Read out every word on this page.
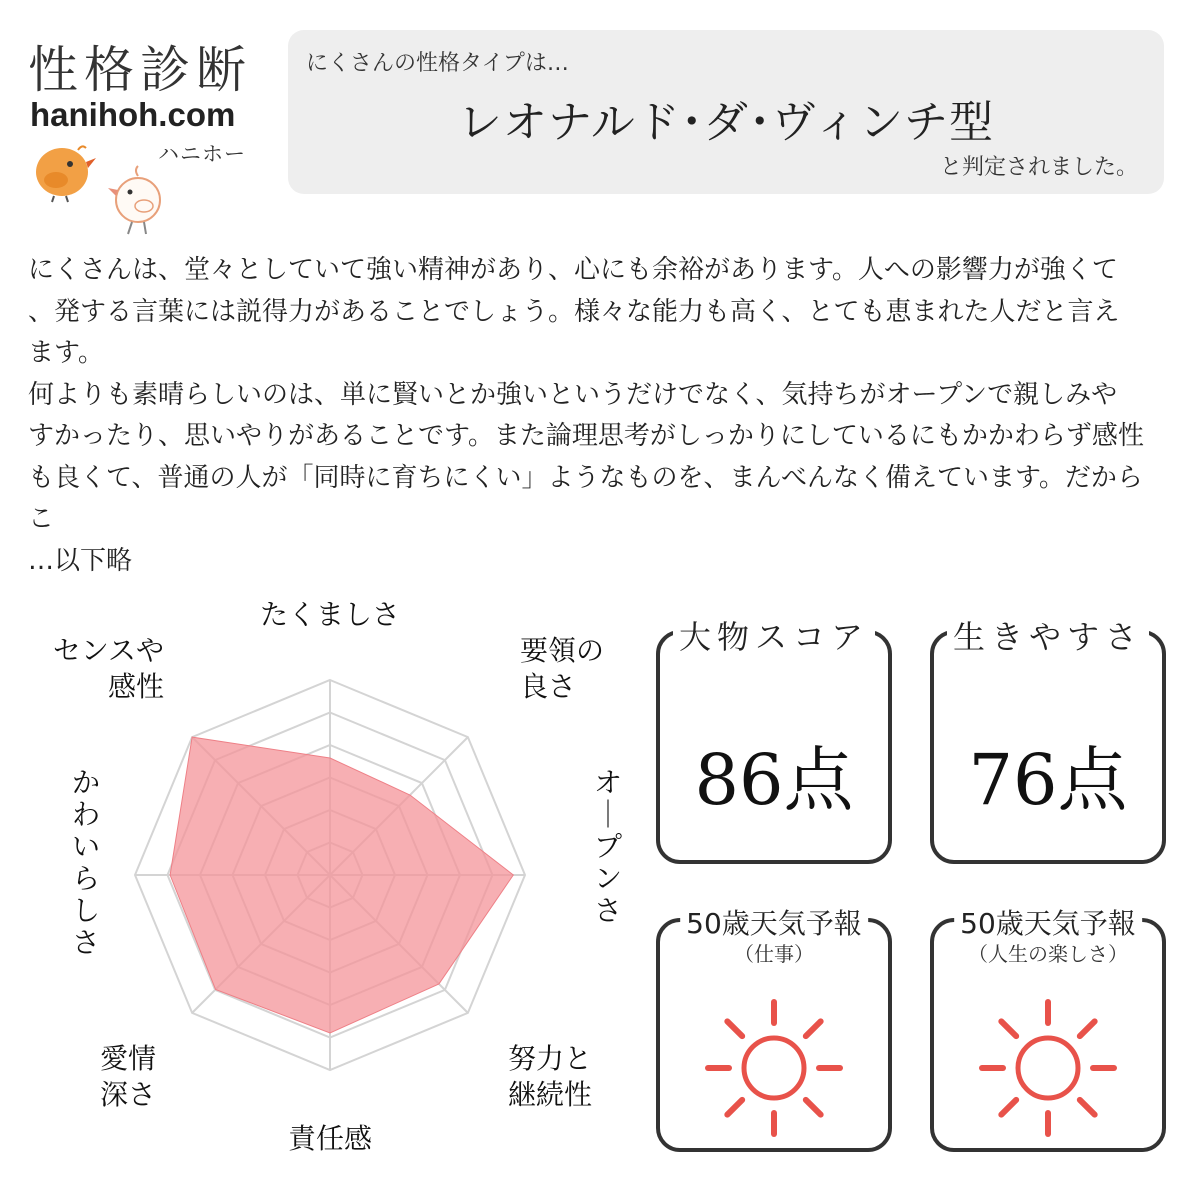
性格診断
hanihoh.com
ハニホー
にくさんの性格タイプは…
レオナルド･ダ･ヴィンチ型
と判定されました。
にくさんは、堂々としていて強い精神があり、心にも余裕があります。人への影響力が強くて
、発する言葉には説得力があることでしょう。様々な能力も高く、とても恵まれた人だと言え
ます。
何よりも素晴らしいのは、単に賢いとか強いというだけでなく、気持ちがオープンで親しみや
すかったり、思いやりがあることです。また論理思考がしっかりにしているにもかかわらず感性
も良くて、普通の人が「同時に育ちにくい」ようなものを、まんべんなく備えています。だからこ
…以下略
たくましさ
要領の良さ
オ｜プンさ
努力と継続性
責任感
愛情深さ
かわいらしさ
センスや感性
大物スコア
86点
生きやすさ
76点
50歳天気予報
（仕事）
50歳天気予報
（人生の楽しさ）
